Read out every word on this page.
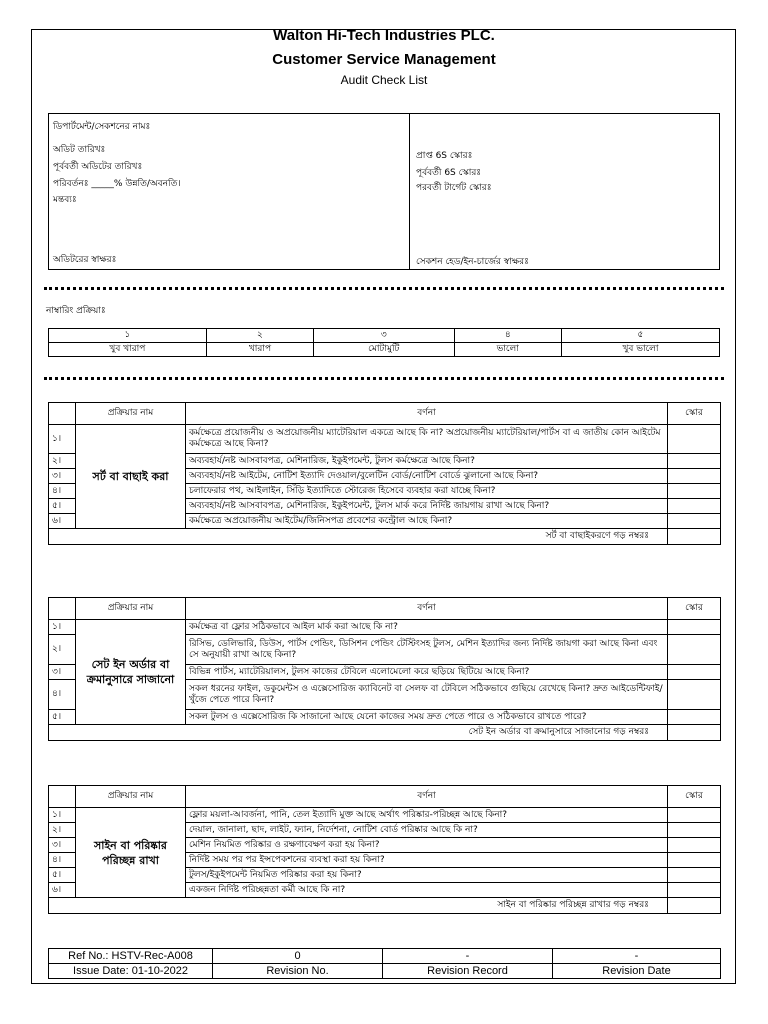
Walton Hi-Tech Industries PLC.
Customer Service Management
Audit Check List
ডিপার্টমেন্ট/সেকশনের নামঃ
অডিট তারিখঃ
পূর্ববর্তী অডিটের তারিখঃ
পরিবর্তনঃ _____% উন্নতি/অবনতি।
মন্তব্যঃ
অডিটরের স্বাক্ষরঃ
প্রাপ্ত 6S স্কোরঃ
পূর্ববর্তী 6S স্কোরঃ
পরবর্তী টার্গেট স্কোরঃ
সেকশন হেড/ইন-চার্জের স্বাক্ষরঃ
নাম্বারিং প্রক্রিয়াঃ
১	২	৩	৪	৫
খুব খারাপ	খারাপ	মোটামুটি	ভালো	খুব ভালো
	প্রক্রিয়ার নাম	বর্ণনা	স্কোর
১।	সর্ট বা বাছাই করা	কর্মক্ষেত্রে প্রয়োজনীয় ও অপ্রয়োজনীয় ম্যাটেরিয়াল একত্রে আছে কি না? অপ্রয়োজনীয় ম্যাটেরিয়াল/পার্টস বা এ জাতীয় কোন আইটেম কর্মক্ষেত্রে আছে কিনা?	
২।		অব্যবহার্য/নষ্ট আসবাবপত্র, মেশিনারিজ, ইকুইপমেন্ট, টুলস কর্মক্ষেত্রে আছে কিনা?	
৩।		অব্যবহার্য/নষ্ট আইটেম, নোটিশ ইত্যাদি দেওয়াল/বুলেটিন বোর্ড/নোটিশ বোর্ডে ঝুলানো আছে কিনা?	
৪।		চলাফেরার পথ, আইলাইন, সিঁড়ি ইত্যাদিতে স্টোরেজ হিসেবে ব্যবহার করা যাচ্ছে কিনা?	
৫।		অব্যবহার্য/নষ্ট আসবাবপত্র, মেশিনারিজ, ইকুইপমেন্ট, টুলস মার্ক করে নির্দিষ্ট জায়গায় রাখা আছে কিনা?	
৬।		কর্মক্ষেত্রে অপ্রয়োজনীয় আইটেম/জিনিসপত্র প্রবেশের কন্ট্রোল আছে কিনা?	
সর্ট বা বাছাইকরণে গড় নম্বরঃ			
	প্রক্রিয়ার নাম	বর্ণনা	স্কোর
১।	সেট ইন অর্ডার বা ক্রমানুসারে সাজানো	কর্মক্ষেত্র বা ফ্লোর সঠিকভাবে আইল মার্ক করা আছে কি না?	
২।		রিসিভ, ডেলিভারি, ডিউস, পার্টস পেন্ডিং, ডিসিশন পেন্ডিং টেস্টিংসহ টুলস, মেশিন ইত্যাদির জন্য নির্দিষ্ট জায়গা করা আছে কিনা এবং সে অনুযায়ী রাখা আছে কিনা?	
৩।		বিভিন্ন পার্টস, ম্যাটেরিয়ালস, টুলস কাজের টেবিলে এলোমেলো করে ছড়িয়ে ছিটিয়ে আছে কিনা?	
৪।		সকল ধরনের ফাইল, ডকুমেন্টস ও এক্সেসোরিজ ক্যাবিনেট বা সেলফ বা টেবিলে সঠিকভাবে গুছিয়ে রেখেছে কিনা? দ্রুত আইডেন্টিফাই/খুঁজে পেতে পারে কিনা?	
৫।		সকল টুলস ও এক্সেসোরিজ কি সাজানো আছে যেনো কাজের সময় দ্রুত পেতে পারে ও সঠিকভাবে রাখতে পারে?	
সেট ইন অর্ডার বা ক্রমানুসারে সাজানোর গড় নম্বরঃ			
	প্রক্রিয়ার নাম	বর্ণনা	স্কোর
১।	সাইন বা পরিষ্কার পরিচ্ছন্ন রাখা	ফ্লোর ময়লা-আবর্জনা, পানি, তেল ইত্যাদি মুক্ত আছে অর্থাৎ পরিষ্কার-পরিচ্ছন্ন আছে কিনা?	
২।		দেয়াল, জানালা, ছাদ, লাইট, ফ্যান, নির্দেশনা, নোটিশ বোর্ড পরিষ্কার আছে কি না?	
৩।		মেশিন নিয়মিত পরিষ্কার ও রক্ষণাবেক্ষণ করা হয় কিনা?	
৪।		নির্দিষ্ট সময় পর পর ইন্সপেকশনের ব্যবস্থা করা হয় কিনা?	
৫।		টুলস/ইকুইপমেন্ট নিয়মিত পরিষ্কার করা হয় কিনা?	
৬।		একজন নির্দিষ্ট পরিচ্ছন্নতা কর্মী আছে কি না?	
সাইন বা পরিষ্কার পরিচ্ছন্ন রাখার গড় নম্বরঃ			
Ref No.: HSTV-Rec-A008	0	-	-
Issue Date: 01-10-2022	Revision No.	Revision Record	Revision Date
